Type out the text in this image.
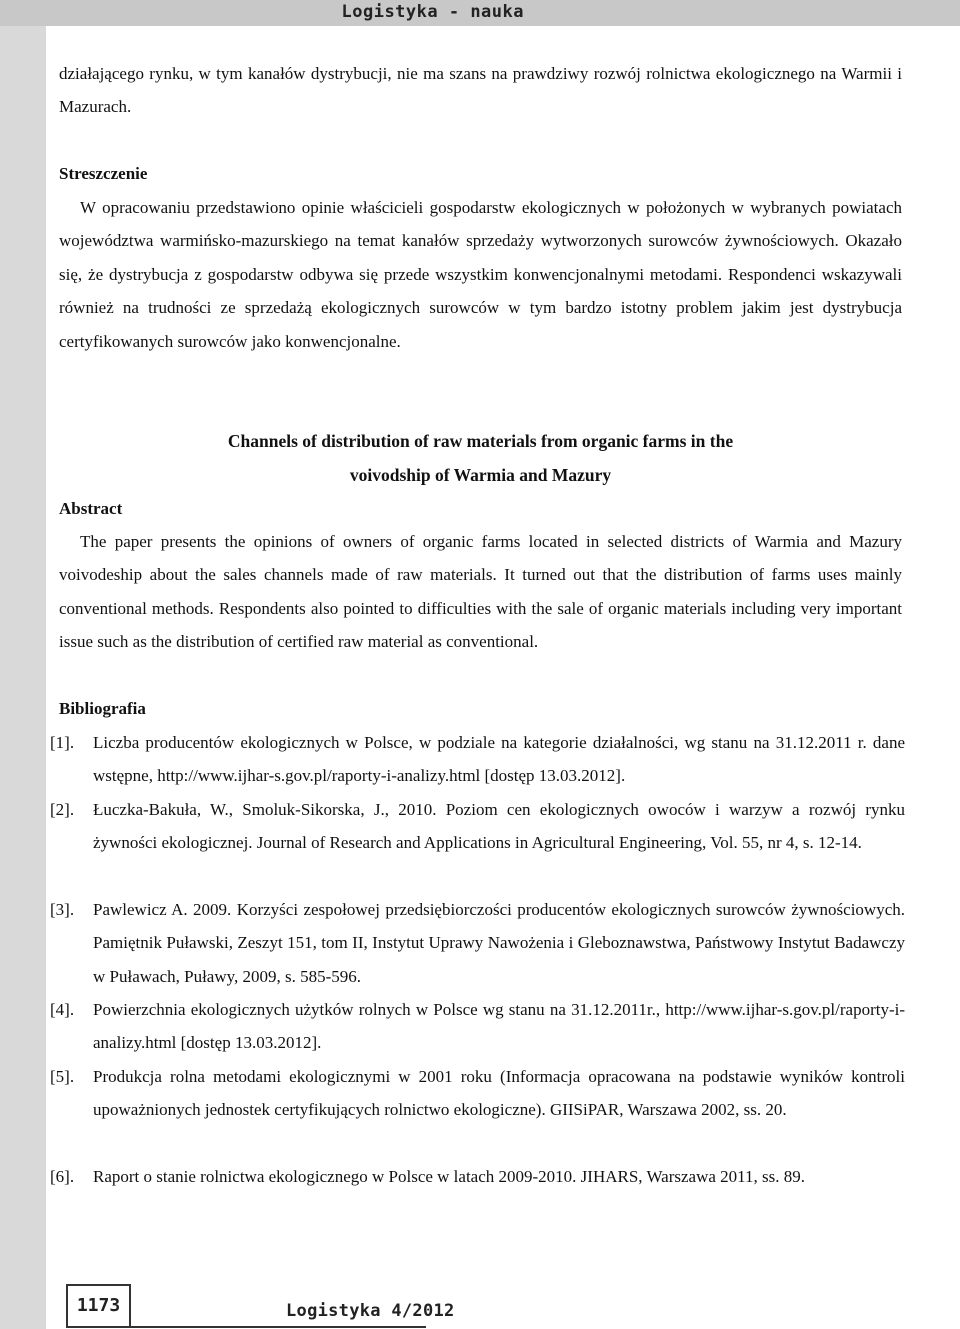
Logistyka - nauka
działającego rynku, w tym kanałów dystrybucji, nie ma szans na prawdziwy rozwój rolnictwa ekologicznego na Warmii i Mazurach.
Streszczenie
W opracowaniu przedstawiono opinie właścicieli gospodarstw ekologicznych w położonych w wybranych powiatach województwa warmińsko-mazurskiego na temat kanałów sprzedaży wytworzonych surowców żywnościowych. Okazało się, że dystrybucja z gospodarstw odbywa się przede wszystkim konwencjonalnymi metodami. Respondenci wskazywali również na trudności ze sprzedażą ekologicznych surowców w tym bardzo istotny problem jakim jest dystrybucja certyfikowanych surowców jako konwencjonalne.
Channels of distribution of raw materials from organic farms in the
voivodship of Warmia and Mazury
Abstract
The paper presents the opinions of owners of organic farms located in selected districts of Warmia and Mazury voivodeship about the sales channels made of raw materials. It turned out that the distribution of farms uses mainly conventional methods. Respondents also pointed to difficulties with the sale of organic materials including very important issue such as the distribution of certified raw material as conventional.
Bibliografia
[1]. Liczba producentów ekologicznych w Polsce, w podziale na kategorie działalności, wg stanu na 31.12.2011 r. dane wstępne, http://www.ijhar-s.gov.pl/raporty-i-analizy.html [dostęp 13.03.2012].
[2]. Łuczka-Bakuła, W., Smoluk-Sikorska, J., 2010. Poziom cen ekologicznych owoców i warzyw a rozwój rynku żywności ekologicznej. Journal of Research and Applications in Agricultural Engineering, Vol. 55, nr 4, s. 12-14.
[3]. Pawlewicz A. 2009. Korzyści zespołowej przedsiębiorczości producentów ekologicznych surowców żywnościowych. Pamiętnik Puławski, Zeszyt 151, tom II, Instytut Uprawy Nawożenia i Gleboznawstwa, Państwowy Instytut Badawczy w Puławach, Puławy, 2009, s. 585-596.
[4]. Powierzchnia ekologicznych użytków rolnych w Polsce wg stanu na 31.12.2011r., http://www.ijhar-s.gov.pl/raporty-i-analizy.html [dostęp 13.03.2012].
[5]. Produkcja rolna metodami ekologicznymi w 2001 roku (Informacja opracowana na podstawie wyników kontroli upoważnionych jednostek certyfikujących rolnictwo ekologiczne). GIISiPAR, Warszawa 2002, ss. 20.
[6]. Raport o stanie rolnictwa ekologicznego w Polsce w latach 2009-2010. JIHARS, Warszawa 2011, ss. 89.
1173	Logistyka 4/2012
